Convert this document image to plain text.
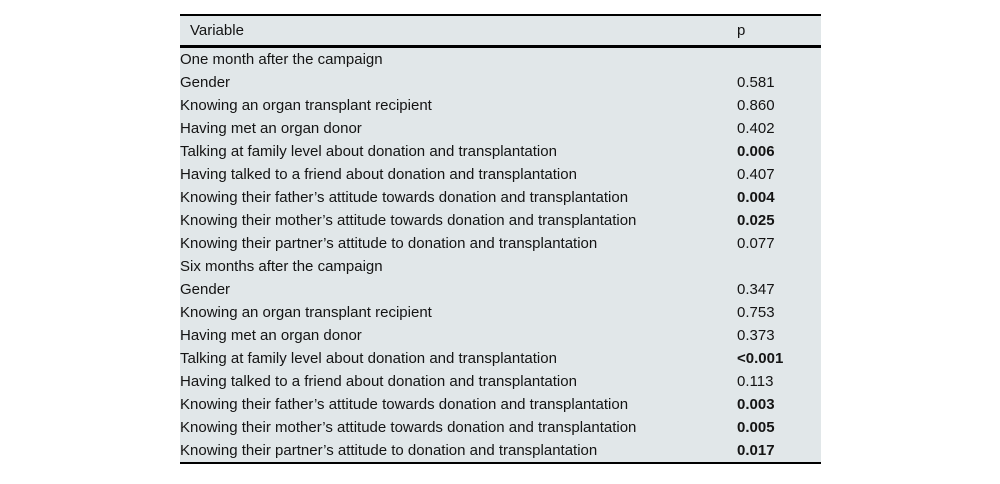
Variable	p
One month after the campaign	
Gender	0.581
Knowing an organ transplant recipient	0.860
Having met an organ donor	0.402
Talking at family level about donation and transplantation	0.006
Having talked to a friend about donation and transplantation	0.407
Knowing their father’s attitude towards donation and transplantation	0.004
Knowing their mother’s attitude towards donation and transplantation	0.025
Knowing their partner’s attitude to donation and transplantation	0.077
Six months after the campaign	
Gender	0.347
Knowing an organ transplant recipient	0.753
Having met an organ donor	0.373
Talking at family level about donation and transplantation	<0.001
Having talked to a friend about donation and transplantation	0.113
Knowing their father’s attitude towards donation and transplantation	0.003
Knowing their mother’s attitude towards donation and transplantation	0.005
Knowing their partner’s attitude to donation and transplantation	0.017
